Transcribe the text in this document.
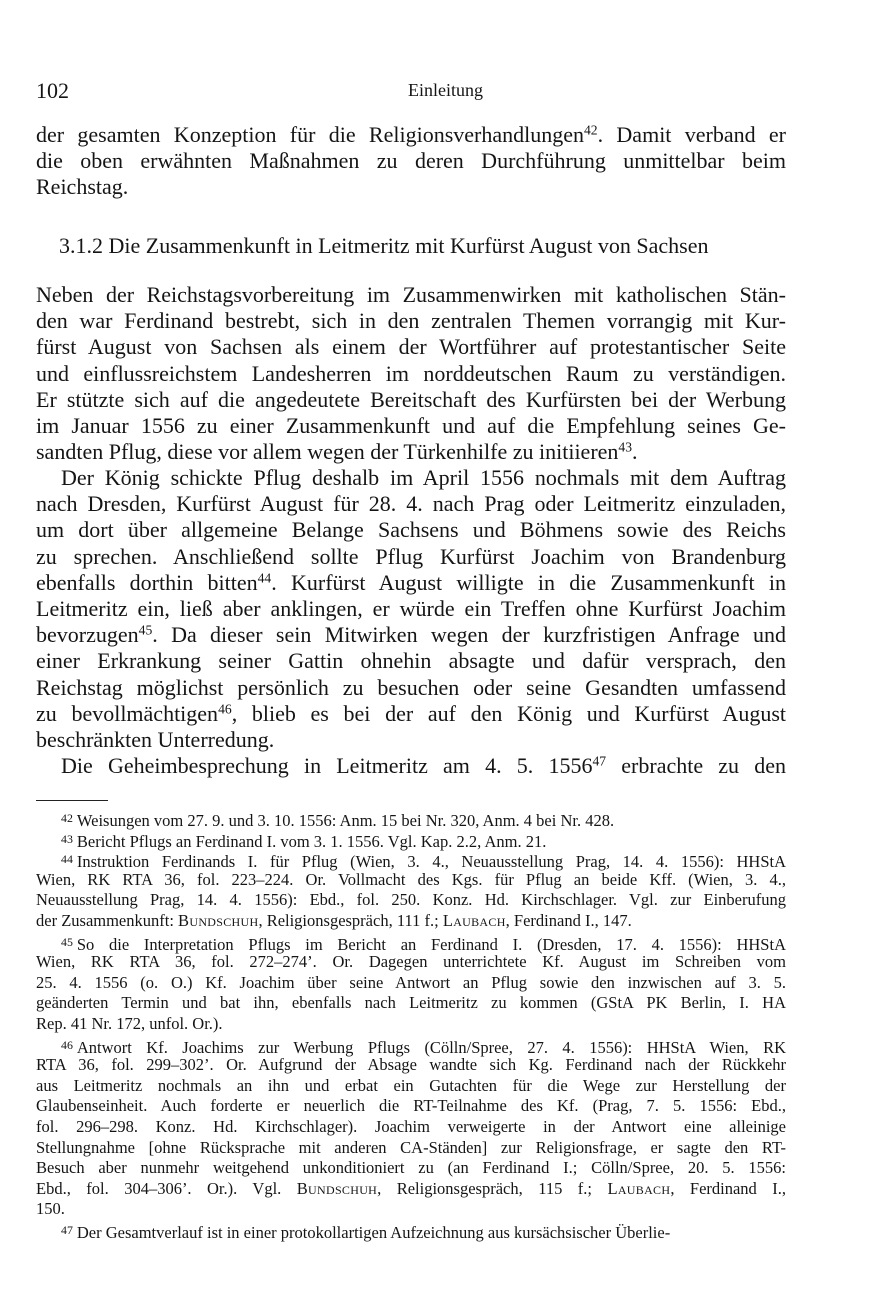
102	Einleitung
der gesamten Konzeption für die Religionsverhandlungen$^{42}$. Damit verband er
die oben erwähnten Maßnahmen zu deren Durchführung unmittelbar beim
Reichstag.
3.1.2 Die Zusammenkunft in Leitmeritz mit Kurfürst August von Sachsen
Neben der Reichstagsvorbereitung im Zusammenwirken mit katholischen Stän-
den war Ferdinand bestrebt, sich in den zentralen Themen vorrangig mit Kur-
fürst August von Sachsen als einem der Wortführer auf protestantischer Seite
und einflussreichstem Landesherren im norddeutschen Raum zu verständigen.
Er stützte sich auf die angedeutete Bereitschaft des Kurfürsten bei der Werbung
im Januar 1556 zu einer Zusammenkunft und auf die Empfehlung seines Ge-
sandten Pflug, diese vor allem wegen der Türkenhilfe zu initiieren$^{43}$.
Der König schickte Pflug deshalb im April 1556 nochmals mit dem Auftrag
nach Dresden, Kurfürst August für 28. 4. nach Prag oder Leitmeritz einzuladen,
um dort über allgemeine Belange Sachsens und Böhmens sowie des Reichs
zu sprechen. Anschließend sollte Pflug Kurfürst Joachim von Brandenburg
ebenfalls dorthin bitten$^{44}$. Kurfürst August willigte in die Zusammenkunft in
Leitmeritz ein, ließ aber anklingen, er würde ein Treffen ohne Kurfürst Joachim
bevorzugen$^{45}$. Da dieser sein Mitwirken wegen der kurzfristigen Anfrage und
einer Erkrankung seiner Gattin ohnehin absagte und dafür versprach, den
Reichstag möglichst persönlich zu besuchen oder seine Gesandten umfassend
zu bevollmächtigen$^{46}$, blieb es bei der auf den König und Kurfürst August
beschränkten Unterredung.
Die Geheimbesprechung in Leitmeritz am 4. 5. 1556$^{47}$ erbrachte zu den
$^{42}$ Weisungen vom 27. 9. und 3. 10. 1556: Anm. 15 bei Nr. 320, Anm. 4 bei Nr. 428.
$^{43}$ Bericht Pflugs an Ferdinand I. vom 3. 1. 1556. Vgl. Kap. 2.2, Anm. 21.
$^{44}$ Instruktion Ferdinands I. für Pflug (Wien, 3. 4., Neuausstellung Prag, 14. 4. 1556): HHStA
Wien, RK RTA 36, fol. 223–224. Or. Vollmacht des Kgs. für Pflug an beide Kff. (Wien, 3. 4.,
Neuausstellung Prag, 14. 4. 1556): Ebd., fol. 250. Konz. Hd. Kirchschlager. Vgl. zur Einberufung
der Zusammenkunft: Bundschuh, Religionsgespräch, 111 f.; Laubach, Ferdinand I., 147.
$^{45}$ So die Interpretation Pflugs im Bericht an Ferdinand I. (Dresden, 17. 4. 1556): HHStA
Wien, RK RTA 36, fol. 272–274’. Or. Dagegen unterrichtete Kf. August im Schreiben vom
25. 4. 1556 (o. O.) Kf. Joachim über seine Antwort an Pflug sowie den inzwischen auf 3. 5.
geänderten Termin und bat ihn, ebenfalls nach Leitmeritz zu kommen (GStA PK Berlin, I. HA
Rep. 41 Nr. 172, unfol. Or.).
$^{46}$ Antwort Kf. Joachims zur Werbung Pflugs (Cölln/Spree, 27. 4. 1556): HHStA Wien, RK
RTA 36, fol. 299–302’. Or. Aufgrund der Absage wandte sich Kg. Ferdinand nach der Rückkehr
aus Leitmeritz nochmals an ihn und erbat ein Gutachten für die Wege zur Herstellung der
Glaubenseinheit. Auch forderte er neuerlich die RT-Teilnahme des Kf. (Prag, 7. 5. 1556: Ebd.,
fol. 296–298. Konz. Hd. Kirchschlager). Joachim verweigerte in der Antwort eine alleinige
Stellungnahme [ohne Rücksprache mit anderen CA-Ständen] zur Religionsfrage, er sagte den RT-
Besuch aber nunmehr weitgehend unkonditioniert zu (an Ferdinand I.; Cölln/Spree, 20. 5. 1556:
Ebd., fol. 304–306’. Or.). Vgl. Bundschuh, Religionsgespräch, 115 f.; Laubach, Ferdinand I.,
150.
$^{47}$ Der Gesamtverlauf ist in einer protokollartigen Aufzeichnung aus kursächsischer Überlie-
